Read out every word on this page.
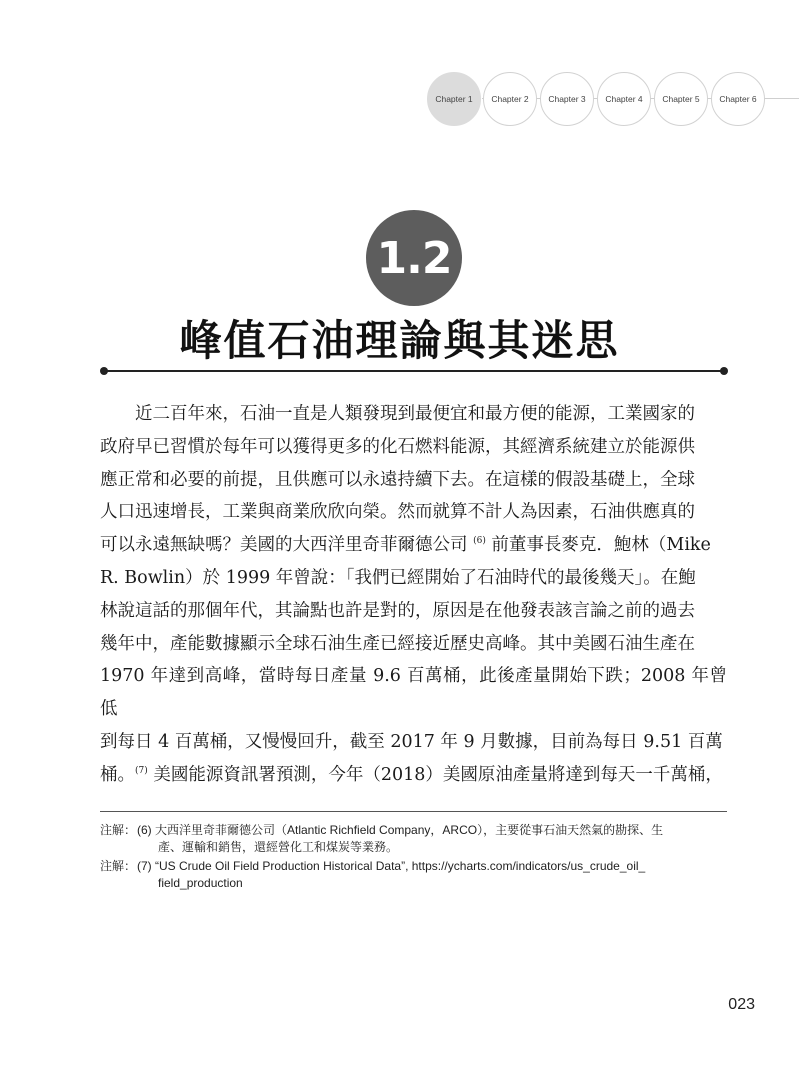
Chapter 1	Chapter 2	Chapter 3	Chapter 4	Chapter 5	Chapter 6
1.2
峰值石油理論與其迷思
近二百年來，石油一直是人類發現到最便宜和最方便的能源，工業國家的
政府早已習慣於每年可以獲得更多的化石燃料能源，其經濟系統建立於能源供
應正常和必要的前提，且供應可以永遠持續下去。在這樣的假設基礎上，全球
人口迅速增長，工業與商業欣欣向榮。然而就算不計人為因素，石油供應真的
可以永遠無缺嗎？美國的大西洋里奇菲爾德公司 $^{(6)}$ 前董事長麥克．鮑林（Mike
R. Bowlin）於 1999 年曾說：「我們已經開始了石油時代的最後幾天」。在鮑
林說這話的那個年代，其論點也許是對的，原因是在他發表該言論之前的過去
幾年中，產能數據顯示全球石油生產已經接近歷史高峰。其中美國石油生產在
1970 年達到高峰，當時每日產量 9.6 百萬桶，此後產量開始下跌；2008 年曾低
到每日 4 百萬桶，又慢慢回升，截至 2017 年 9 月數據，目前為每日 9.51 百萬
桶。$^{(7)}$ 美國能源資訊署預測，今年（2018）美國原油產量將達到每天一千萬桶，
注解： (6) 大西洋里奇菲爾德公司（Atlantic Richfield Company，ARCO），主要從事石油天然氣的勘探、生
產、運輸和銷售，還經營化工和煤炭等業務。
注解： (7) “US Crude Oil Field Production Historical Data”, https://ycharts.com/indicators/us_crude_oil_
field_production
023
